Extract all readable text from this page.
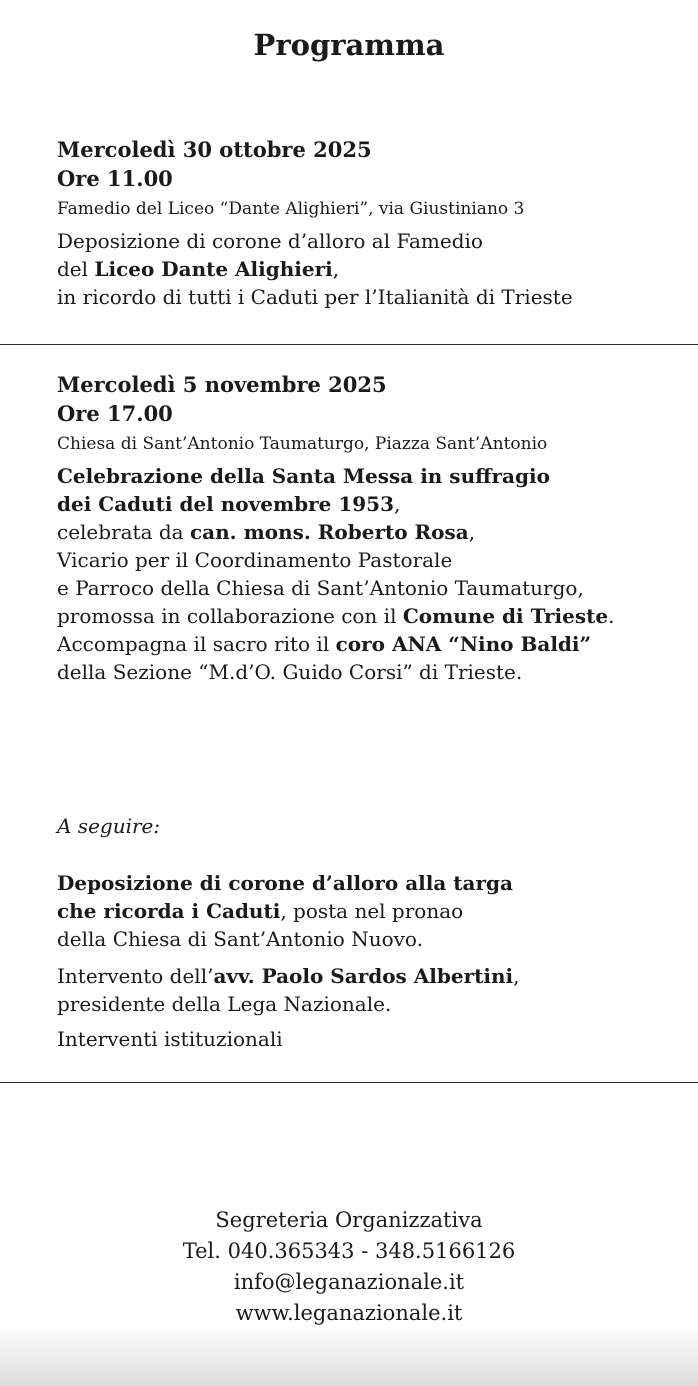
Programma
Mercoledì 30 ottobre 2025
Ore 11.00
Famedio del Liceo “Dante Alighieri”, via Giustiniano 3
Deposizione di corone d’alloro al Famedio
del Liceo Dante Alighieri,
in ricordo di tutti i Caduti per l’Italianità di Trieste
Mercoledì 5 novembre 2025
Ore 17.00
Chiesa di Sant’Antonio Taumaturgo, Piazza Sant’Antonio
Celebrazione della Santa Messa in suffragio
dei Caduti del novembre 1953,
celebrata da can. mons. Roberto Rosa,
Vicario per il Coordinamento Pastorale
e Parroco della Chiesa di Sant’Antonio Taumaturgo,
promossa in collaborazione con il Comune di Trieste.
Accompagna il sacro rito il coro ANA “Nino Baldi”
della Sezione “M.d’O. Guido Corsi” di Trieste.
A seguire:
Deposizione di corone d’alloro alla targa
che ricorda i Caduti, posta nel pronao
della Chiesa di Sant’Antonio Nuovo.
Intervento dell’avv. Paolo Sardos Albertini,
presidente della Lega Nazionale.
Interventi istituzionali
Segreteria Organizzativa
Tel. 040.365343 - 348.5166126
info@leganazionale.it
www.leganazionale.it
